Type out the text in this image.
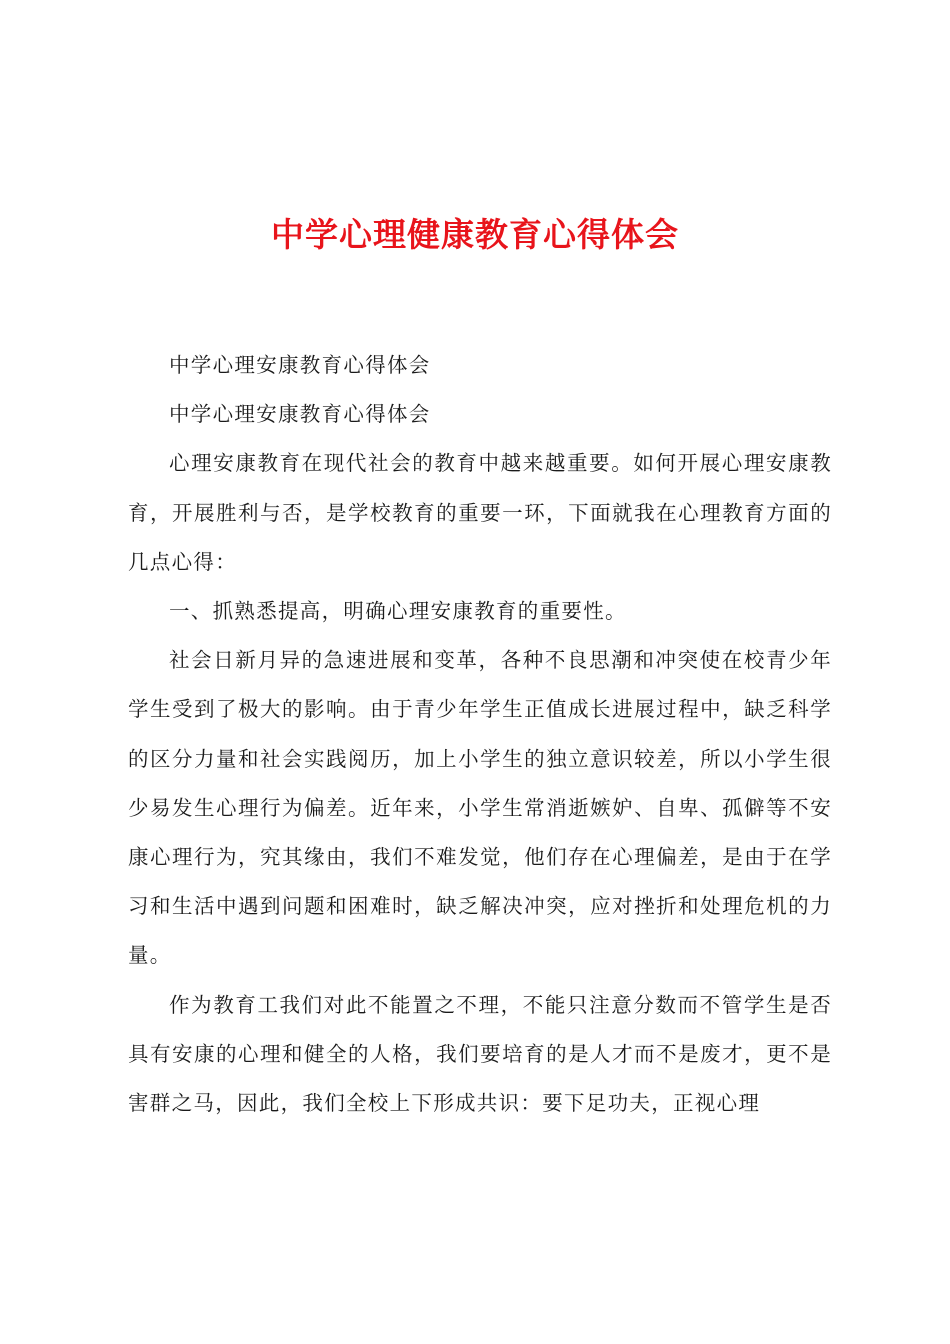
中学心理健康教育心得体会

中学心理安康教育心得体会

中学心理安康教育心得体会

心理安康教育在现代社会的教育中越来越重要。如何开展心理安康教育，开展胜利与否，是学校教育的重要一环，下面就我在心理教育方面的几点心得：

一、抓熟悉提高，明确心理安康教育的重要性。

社会日新月异的急速进展和变革，各种不良思潮和冲突使在校青少年学生受到了极大的影响。由于青少年学生正值成长进展过程中，缺乏科学的区分力量和社会实践阅历，加上小学生的独立意识较差，所以小学生很少易发生心理行为偏差。近年来，小学生常消逝嫉妒、自卑、孤僻等不安康心理行为，究其缘由，我们不难发觉，他们存在心理偏差，是由于在学习和生活中遇到问题和困难时，缺乏解决冲突，应对挫折和处理危机的力量。

作为教育工我们对此不能置之不理，不能只注意分数而不管学生是否具有安康的心理和健全的人格，我们要培育的是人才而不是废才，更不是害群之马，因此，我们全校上下形成共识：要下足功夫，正视心理
